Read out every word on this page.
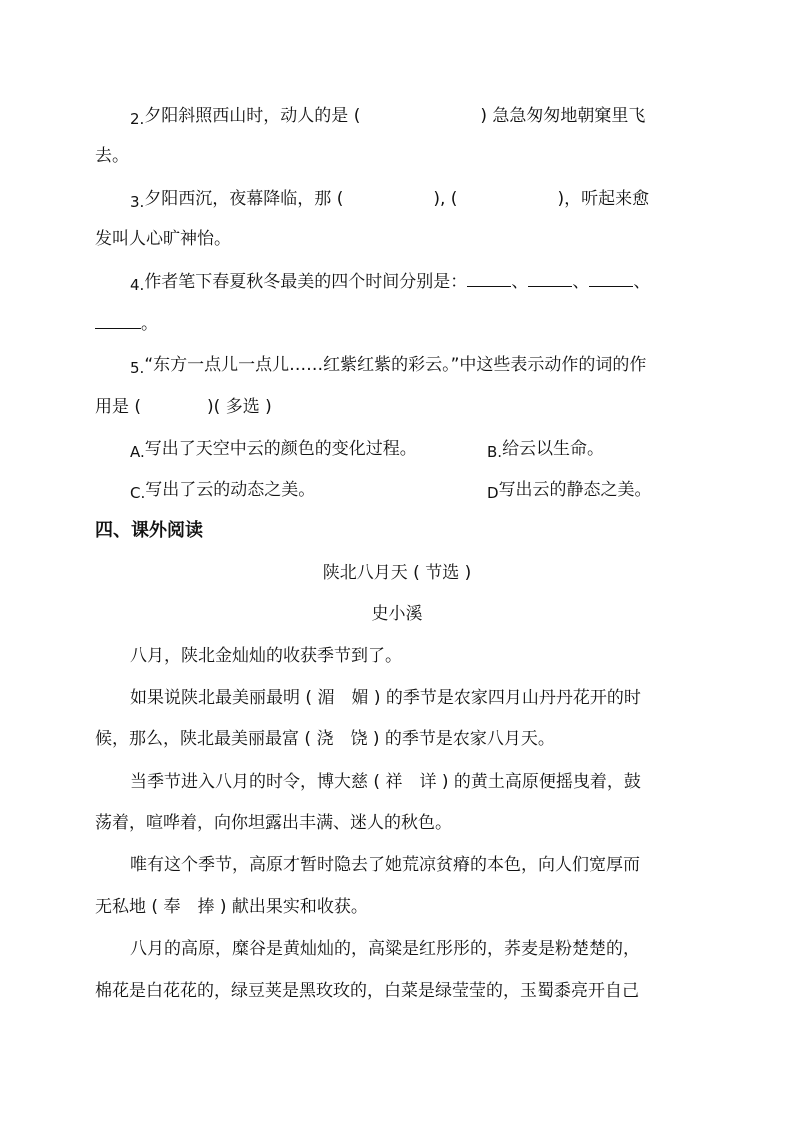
2.夕阳斜照西山时，动人的是 (	) 急急匆匆地朝窠里飞
去。
3.夕阳西沉，夜幕降临，那 (	), (	)，听起来愈
发叫人心旷神怡。
4.作者笔下春夏秋冬最美的四个时间分别是：	、	、	、
。
5.“东方一点儿一点儿……红紫红紫的彩云。”中这些表示动作的词的作
用是 (	)( 多选 )
A.写出了天空中云的颜色的变化过程。	B.给云以生命。
C.写出了云的动态之美。	D写出云的静态之美。
四、课外阅读
陕北八月天 ( 节选 )
史小溪
八月，陕北金灿灿的收获季节到了。
如果说陕北最美丽最明 ( 湄　媚 ) 的季节是农家四月山丹丹花开的时
候，那么，陕北最美丽最富 ( 浇　饶 ) 的季节是农家八月天。
当季节进入八月的时令，博大慈 ( 祥　详 ) 的黄土高原便摇曳着，鼓
荡着，喧哗着，向你坦露出丰满、迷人的秋色。
唯有这个季节，高原才暂时隐去了她荒凉贫瘠的本色，向人们宽厚而
无私地 ( 奉　捧 ) 献出果实和收获。
八月的高原，糜谷是黄灿灿的，高粱是红彤彤的，荞麦是粉楚楚的，
棉花是白花花的，绿豆荚是黑玫玫的，白菜是绿莹莹的，玉蜀黍亮开自己
